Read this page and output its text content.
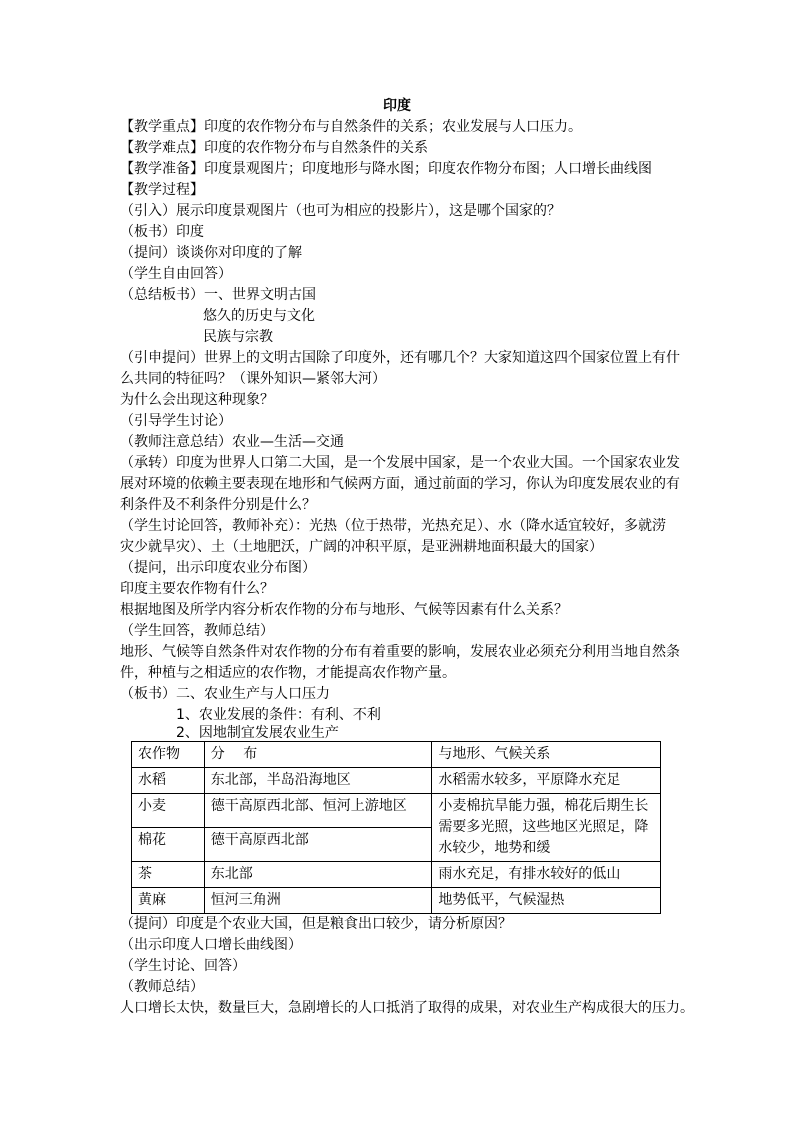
印度
【教学重点】印度的农作物分布与自然条件的关系；农业发展与人口压力。
【教学难点】印度的农作物分布与自然条件的关系
【教学准备】印度景观图片；印度地形与降水图；印度农作物分布图；人口增长曲线图
【教学过程】
（引入）展示印度景观图片（也可为相应的投影片），这是哪个国家的？
（板书）印度
（提问）谈谈你对印度的了解
（学生自由回答）
（总结板书）一、世界文明古国
悠久的历史与文化
民族与宗教
（引申提问）世界上的文明古国除了印度外，还有哪几个？大家知道这四个国家位置上有什
么共同的特征吗？（课外知识—紧邻大河）
为什么会出现这种现象？
（引导学生讨论）
（教师注意总结）农业—生活—交通
（承转）印度为世界人口第二大国，是一个发展中国家，是一个农业大国。一个国家农业发
展对环境的依赖主要表现在地形和气候两方面，通过前面的学习，你认为印度发展农业的有
利条件及不利条件分别是什么？
（学生讨论回答，教师补充）：光热（位于热带，光热充足）、水（降水适宜较好，多就涝
灾少就旱灾）、土（土地肥沃，广阔的冲积平原，是亚洲耕地面积最大的国家）
（提问，出示印度农业分布图）
印度主要农作物有什么？
根据地图及所学内容分析农作物的分布与地形、气候等因素有什么关系？
（学生回答，教师总结）
地形、气候等自然条件对农作物的分布有着重要的影响，发展农业必须充分利用当地自然条
件，种植与之相适应的农作物，才能提高农作物产量。
（板书）二、农业生产与人口压力
1、农业发展的条件：有利、不利
2、因地制宜发展农业生产
农作物	分　 布	与地形、气候关系
水稻	东北部，半岛沿海地区	水稻需水较多，平原降水充足
小麦	德干高原西北部、恒河上游地区	小麦棉抗旱能力强，棉花后期生长需要多光照，这些地区光照足，降水较少，地势和缓
棉花	德干高原西北部	
茶	东北部	雨水充足，有排水较好的低山
黄麻	恒河三角洲	地势低平，气候湿热
（提问）印度是个农业大国，但是粮食出口较少，请分析原因？
（出示印度人口增长曲线图）
（学生讨论、回答）
（教师总结）
人口增长太快，数量巨大，急剧增长的人口抵消了取得的成果，对农业生产构成很大的压力。
